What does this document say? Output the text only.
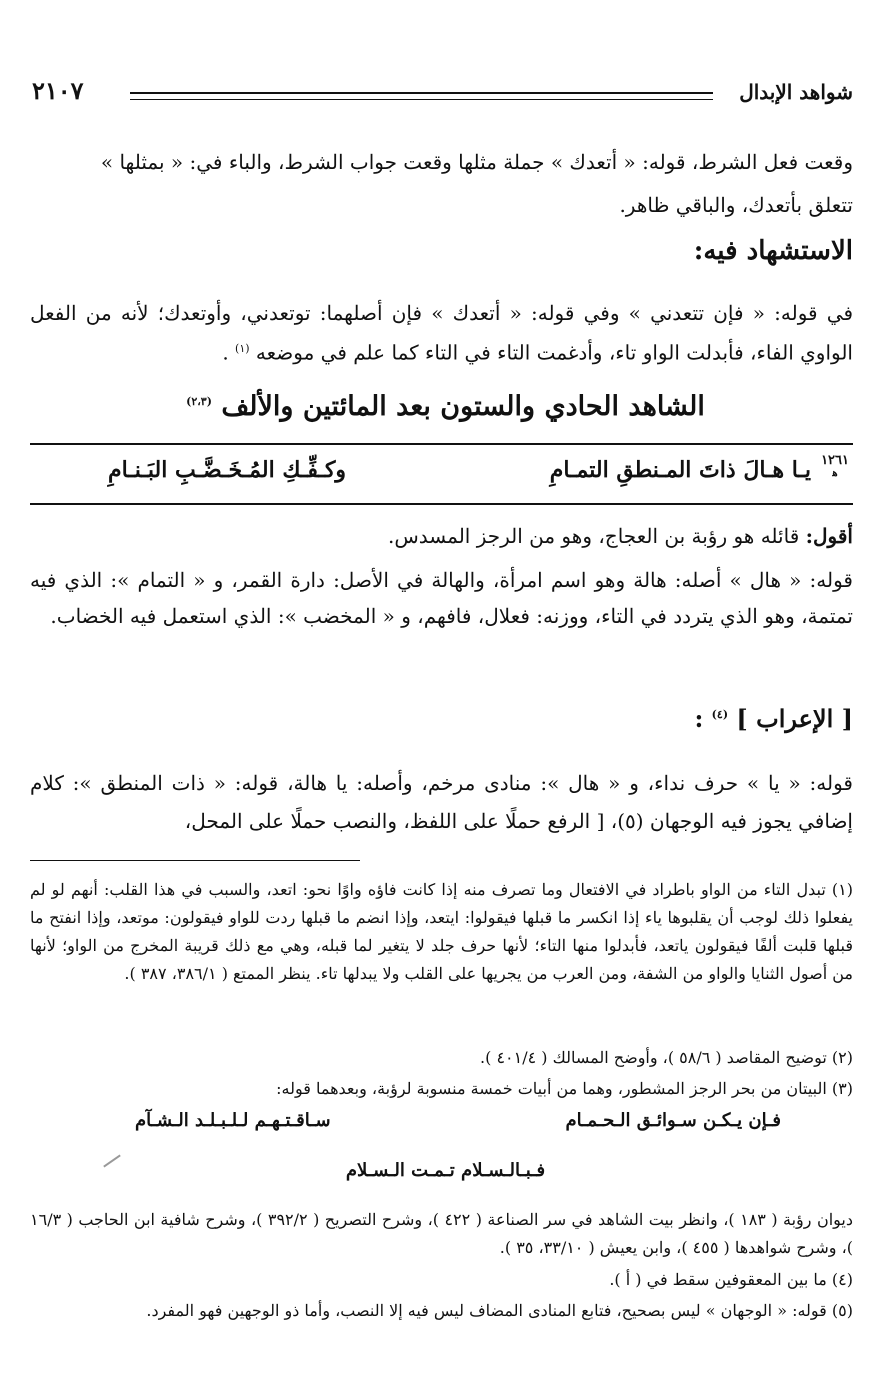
شواهد الإبدال
٢١٠٧
وقعت فعل الشرط، قوله: « أتعدك » جملة مثلها وقعت جواب الشرط، والباء في: « بمثلها »
تتعلق بأتعدك، والباقي ظاهر.
الاستشهاد فيه:
في قوله: « فإن تتعدني » وفي قوله: « أتعدك » فإن أصلهما: توتعدني، وأوتعدك؛ لأنه من الفعل الواوي الفاء، فأبدلت الواو تاء، وأدغمت التاء في التاء كما علم في موضعه $^{(١)}$ .
الشاهد الحادي والستون بعد المائتين والألف $^{(٢،٣)}$
١٢٦١
ﻫ
يـا هـالَ ذاتَ المـنطقِ التمـامِ
وكـفِّـكِ المُـخَـضَّـبِ البَـنـامِ
أقول: قائله هو رؤبة بن العجاج، وهو من الرجز المسدس.
قوله: « هال » أصله: هالة وهو اسم امرأة، والهالة في الأصل: دارة القمر، و « التمام »: الذي فيه تمتمة، وهو الذي يتردد في التاء، ووزنه: فعلال، فافهم، و « المخضب »: الذي استعمل فيه الخضاب.
[ الإعراب ] $^{(٤)}$ :
قوله: « يا » حرف نداء، و « هال »: منادى مرخم، وأصله: يا هالة، قوله: « ذات المنطق »: كلام إضافي يجوز فيه الوجهان (٥)، [ الرفع حملًا على اللفظ، والنصب حملًا على المحل،
(١) تبدل التاء من الواو باطراد في الافتعال وما تصرف منه إذا كانت فاؤه واوًا نحو: اتعد، والسبب في هذا القلب: أنهم لو لم يفعلوا ذلك لوجب أن يقلبوها ياء إذا انكسر ما قبلها فيقولوا: ايتعد، وإذا انضم ما قبلها ردت للواو فيقولون: موتعد، وإذا انفتح ما قبلها قلبت ألفًا فيقولون ياتعد، فأبدلوا منها التاء؛ لأنها حرف جلد لا يتغير لما قبله، وهي مع ذلك قريبة المخرج من الواو؛ لأنها من أصول الثنايا والواو من الشفة، ومن العرب من يجريها على القلب ولا يبدلها تاء. ينظر الممتع ( ٣٨٦/١، ٣٨٧ ).
(٢) توضيح المقاصد ( ٥٨/٦ )، وأوضح المسالك ( ٤٠١/٤ ).
(٣) البيتان من بحر الرجز المشطور، وهما من أبيات خمسة منسوبة لرؤبة، وبعدهما قوله:
فـإن يـكـن سـوائـق الـحـمـام
سـاقـتـهـم لـلـبـلـد الـشـآم
فـبـالـسـلام تـمـت الـسـلام
ديوان رؤبة ( ١٨٣ )، وانظر بيت الشاهد في سر الصناعة ( ٤٢٢ )، وشرح التصريح ( ٣٩٢/٢ )، وشرح شافية ابن الحاجب ( ١٦/٣ )، وشرح شواهدها ( ٤٥٥ )، وابن يعيش ( ٣٣/١٠، ٣٥ ).
(٤) ما بين المعقوفين سقط في ( أ ).
(٥) قوله: « الوجهان » ليس بصحيح، فتابع المنادى المضاف ليس فيه إلا النصب، وأما ذو الوجهين فهو المفرد.
